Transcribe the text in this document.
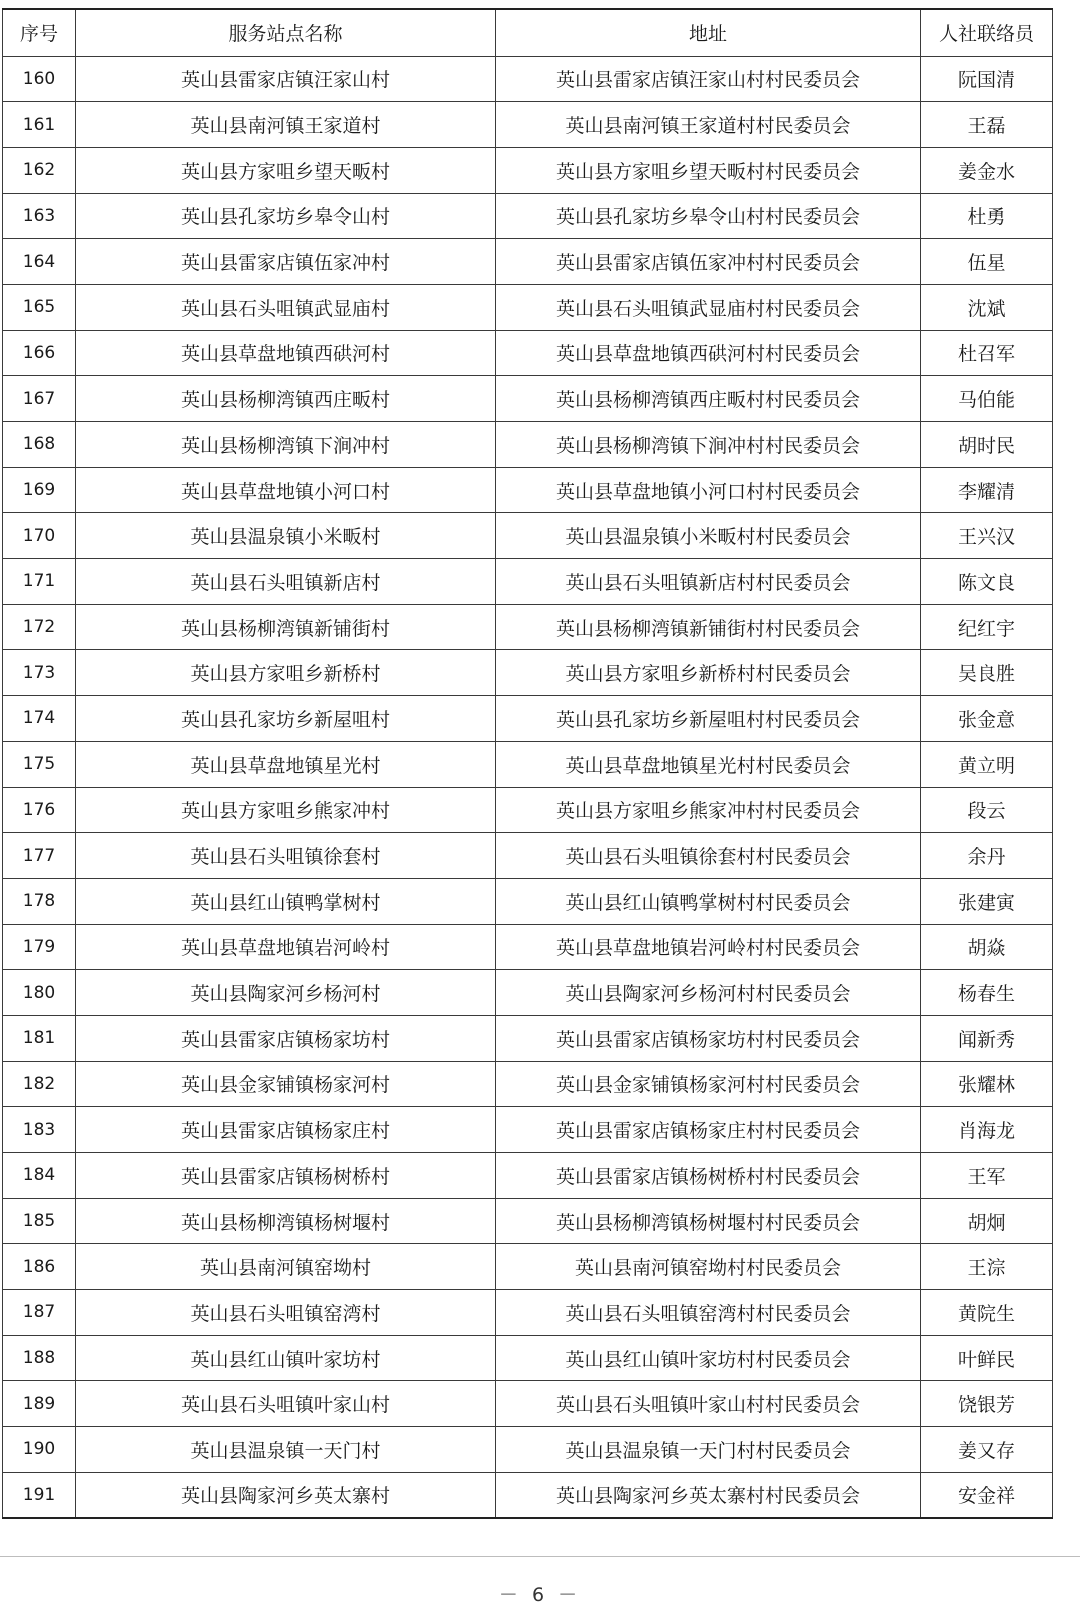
序号	服务站点名称	地址	人社联络员
160	英山县雷家店镇汪家山村	英山县雷家店镇汪家山村村民委员会	阮国清
161	英山县南河镇王家道村	英山县南河镇王家道村村民委员会	王磊
162	英山县方家咀乡望天畈村	英山县方家咀乡望天畈村村民委员会	姜金水
163	英山县孔家坊乡皋令山村	英山县孔家坊乡皋令山村村民委员会	杜勇
164	英山县雷家店镇伍家冲村	英山县雷家店镇伍家冲村村民委员会	伍星
165	英山县石头咀镇武显庙村	英山县石头咀镇武显庙村村民委员会	沈斌
166	英山县草盘地镇西硔河村	英山县草盘地镇西硔河村村民委员会	杜召军
167	英山县杨柳湾镇西庄畈村	英山县杨柳湾镇西庄畈村村民委员会	马伯能
168	英山县杨柳湾镇下涧冲村	英山县杨柳湾镇下涧冲村村民委员会	胡时民
169	英山县草盘地镇小河口村	英山县草盘地镇小河口村村民委员会	李耀清
170	英山县温泉镇小米畈村	英山县温泉镇小米畈村村民委员会	王兴汉
171	英山县石头咀镇新店村	英山县石头咀镇新店村村民委员会	陈文良
172	英山县杨柳湾镇新铺街村	英山县杨柳湾镇新铺街村村民委员会	纪红宇
173	英山县方家咀乡新桥村	英山县方家咀乡新桥村村民委员会	吴良胜
174	英山县孔家坊乡新屋咀村	英山县孔家坊乡新屋咀村村民委员会	张金意
175	英山县草盘地镇星光村	英山县草盘地镇星光村村民委员会	黄立明
176	英山县方家咀乡熊家冲村	英山县方家咀乡熊家冲村村民委员会	段云
177	英山县石头咀镇徐套村	英山县石头咀镇徐套村村民委员会	余丹
178	英山县红山镇鸭掌树村	英山县红山镇鸭掌树村村民委员会	张建寅
179	英山县草盘地镇岩河岭村	英山县草盘地镇岩河岭村村民委员会	胡焱
180	英山县陶家河乡杨河村	英山县陶家河乡杨河村村民委员会	杨春生
181	英山县雷家店镇杨家坊村	英山县雷家店镇杨家坊村村民委员会	闻新秀
182	英山县金家铺镇杨家河村	英山县金家铺镇杨家河村村民委员会	张耀林
183	英山县雷家店镇杨家庄村	英山县雷家店镇杨家庄村村民委员会	肖海龙
184	英山县雷家店镇杨树桥村	英山县雷家店镇杨树桥村村民委员会	王军
185	英山县杨柳湾镇杨树堰村	英山县杨柳湾镇杨树堰村村民委员会	胡炯
186	英山县南河镇窑坳村	英山县南河镇窑坳村村民委员会	王淙
187	英山县石头咀镇窑湾村	英山县石头咀镇窑湾村村民委员会	黄院生
188	英山县红山镇叶家坊村	英山县红山镇叶家坊村村民委员会	叶鲜民
189	英山县石头咀镇叶家山村	英山县石头咀镇叶家山村村民委员会	饶银芳
190	英山县温泉镇一天门村	英山县温泉镇一天门村村民委员会	姜又存
191	英山县陶家河乡英太寨村	英山县陶家河乡英太寨村村民委员会	安金祥
－ 6 －
